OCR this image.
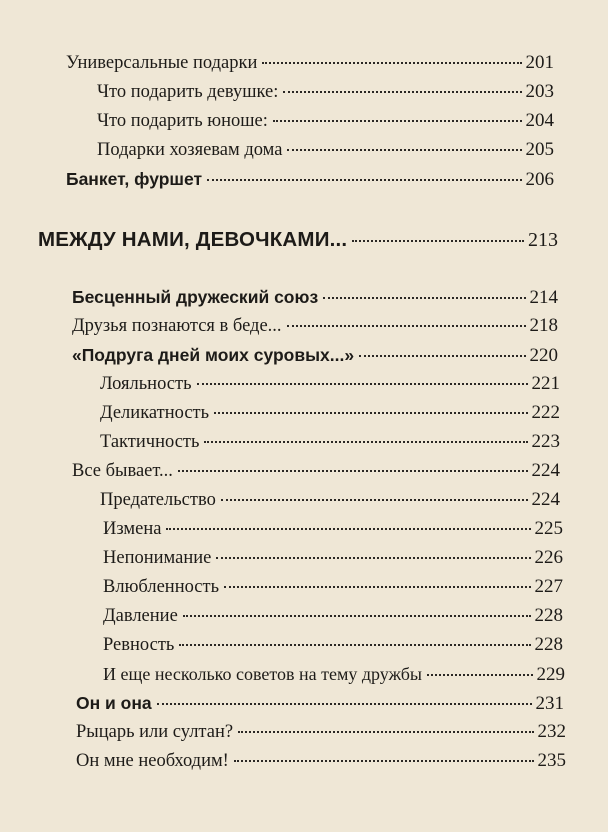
Универсальные подарки	201
Что подарить девушке:	203
Что подарить юноше:	204
Подарки хозяевам дома	205
Банкет, фуршет	206
МЕЖДУ НАМИ, ДЕВОЧКАМИ...	213
Бесценный дружеский союз	214
Друзья познаются в беде...	218
«Подруга дней моих суровых...»	220
Лояльность	221
Деликатность	222
Тактичность	223
Все бывает...	224
Предательство	224
Измена	225
Непонимание	226
Влюбленность	227
Давление	228
Ревность	228
И еще несколько советов на тему дружбы	229
Он и она	231
Рыцарь или султан?	232
Он мне необходим!	235
